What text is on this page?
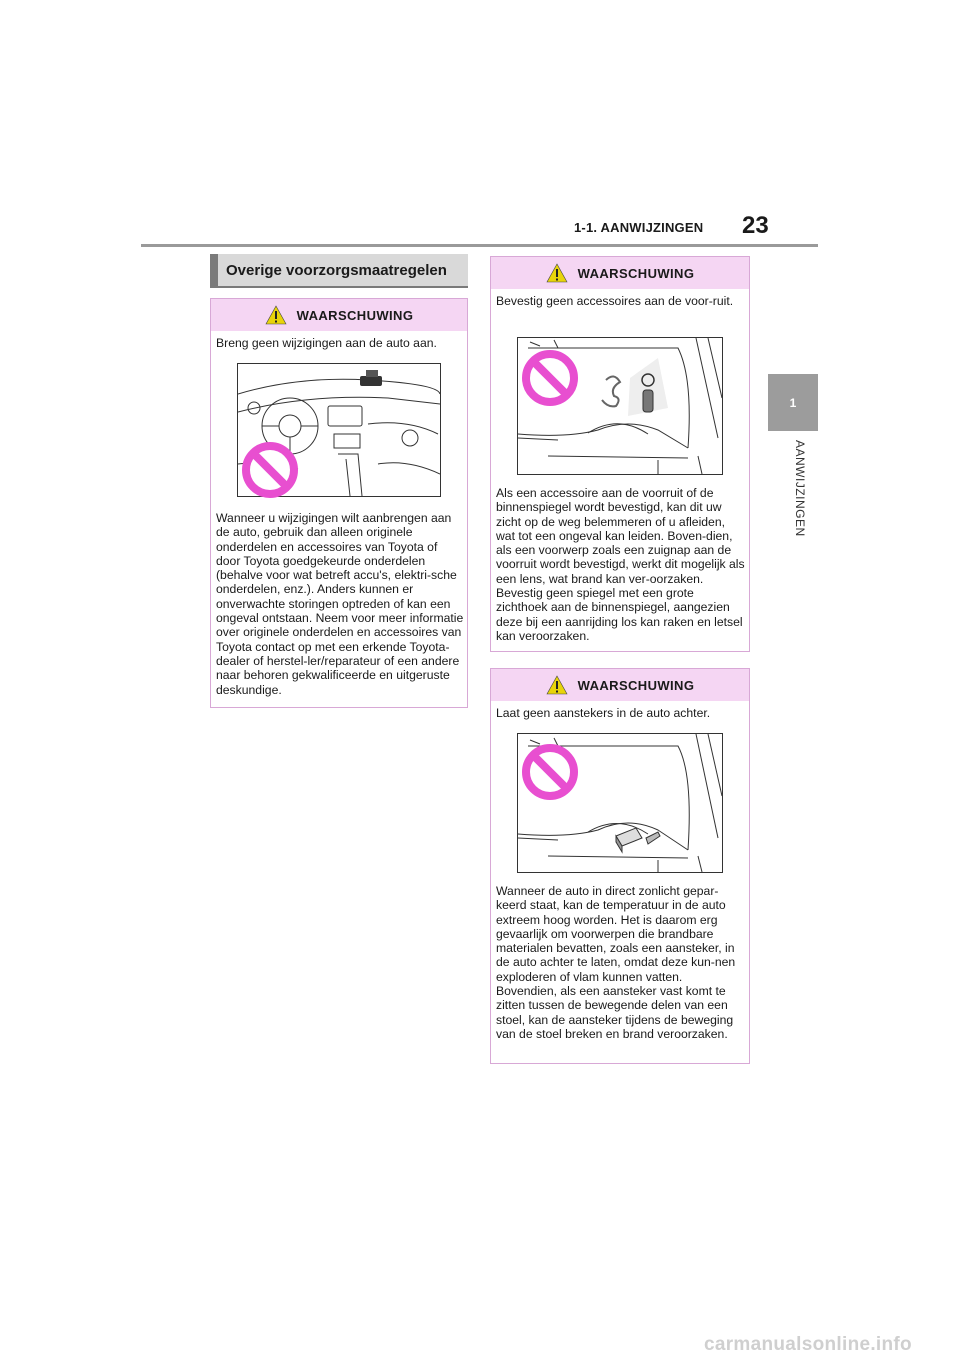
1-1. AANWIJZINGEN 23
1
AANWIJZINGEN
Overige voorzorgsmaatregelen
WAARSCHUWING
Breng geen wijzigingen aan de auto aan.
Wanneer u wijzigingen wilt aanbrengen aan de auto, gebruik dan alleen originele onderdelen en accessoires van Toyota of door Toyota goedgekeurde onderdelen (behalve voor wat betreft accu's, elektri-sche onderdelen, enz.). Anders kunnen er onverwachte storingen optreden of kan een ongeval ontstaan. Neem voor meer informatie over originele onderdelen en accessoires van Toyota contact op met een erkende Toyota-dealer of herstel-ler/reparateur of een andere naar behoren gekwalificeerde en uitgeruste deskundige.
WAARSCHUWING
Bevestig geen accessoires aan de voor-ruit.
Als een accessoire aan de voorruit of de binnenspiegel wordt bevestigd, kan dit uw zicht op de weg belemmeren of u afleiden, wat tot een ongeval kan leiden. Boven-dien, als een voorwerp zoals een zuignap aan de voorruit wordt bevestigd, werkt dit mogelijk als een lens, wat brand kan ver-oorzaken. Bevestig geen spiegel met een grote zichthoek aan de binnenspiegel, aangezien deze bij een aanrijding los kan raken en letsel kan veroorzaken.
WAARSCHUWING
Laat geen aanstekers in de auto achter.
Wanneer de auto in direct zonlicht gepar-keerd staat, kan de temperatuur in de auto extreem hoog worden. Het is daarom erg gevaarlijk om voorwerpen die brandbare materialen bevatten, zoals een aansteker, in de auto achter te laten, omdat deze kun-nen exploderen of vlam kunnen vatten. Bovendien, als een aansteker vast komt te zitten tussen de bewegende delen van een stoel, kan de aansteker tijdens de beweging van de stoel breken en brand veroorzaken.
carmanualsonline.info
